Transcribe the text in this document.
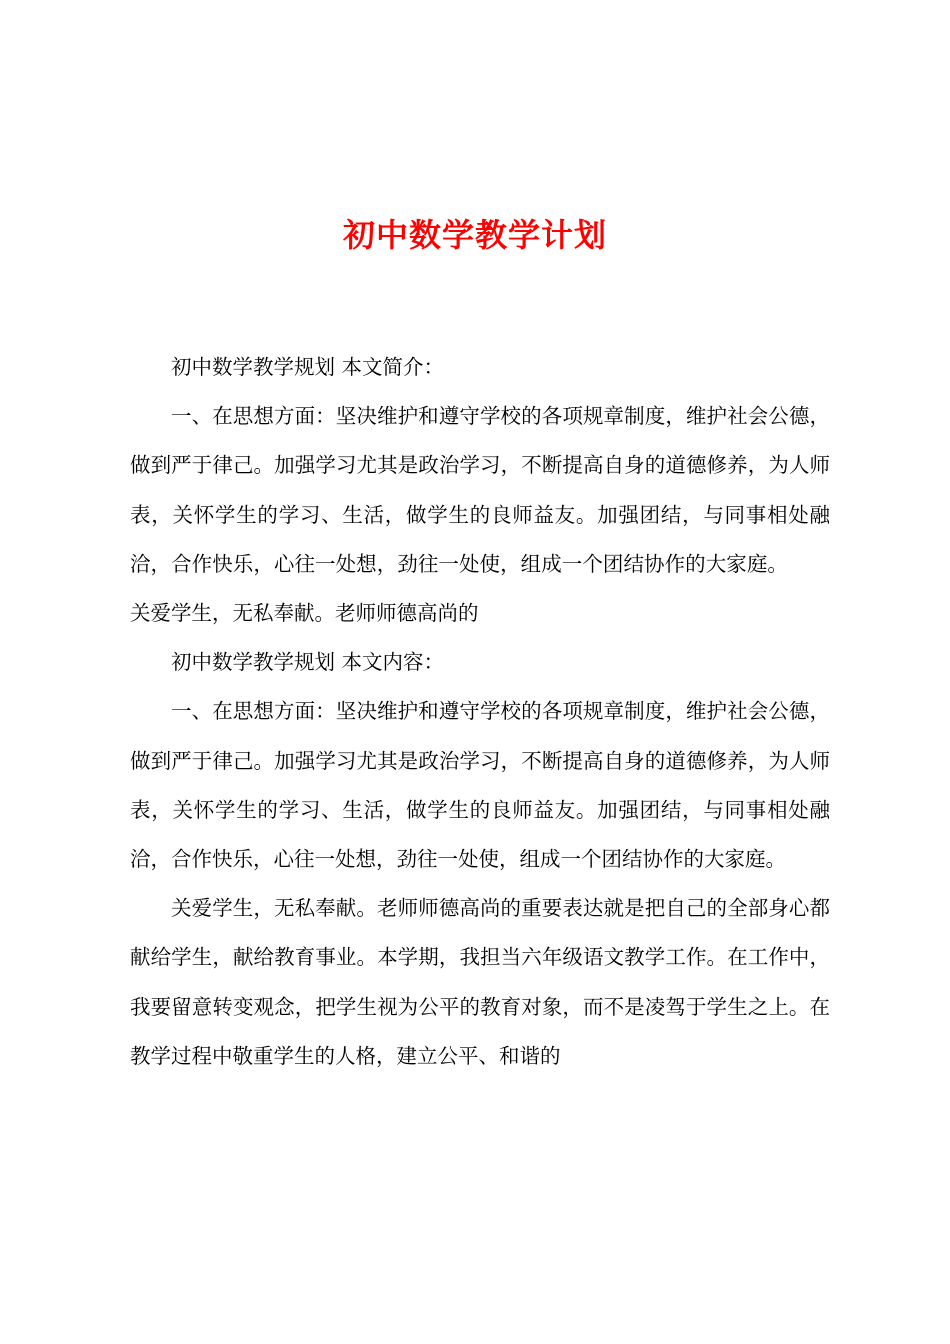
初中数学教学计划

初中数学教学规划 本文简介：

一、在思想方面：坚决维护和遵守学校的各项规章制度，维护社会公德，做到严于律己。加强学习尤其是政治学习，不断提高自身的道德修养，为人师表，关怀学生的学习、生活，做学生的良师益友。加强团结，与同事相处融洽，合作快乐，心往一处想，劲往一处使，组成一个团结协作的大家庭。关爱学生，无私奉献。老师师德高尚的

初中数学教学规划 本文内容：

一、在思想方面：坚决维护和遵守学校的各项规章制度，维护社会公德，做到严于律己。加强学习尤其是政治学习，不断提高自身的道德修养，为人师表，关怀学生的学习、生活，做学生的良师益友。加强团结，与同事相处融洽，合作快乐，心往一处想，劲往一处使，组成一个团结协作的大家庭。

关爱学生，无私奉献。老师师德高尚的重要表达就是把自己的全部身心都献给学生，献给教育事业。本学期，我担当六年级语文教学工作。在工作中，我要留意转变观念，把学生视为公平的教育对象，而不是凌驾于学生之上。在教学过程中敬重学生的人格，建立公平、和谐的
